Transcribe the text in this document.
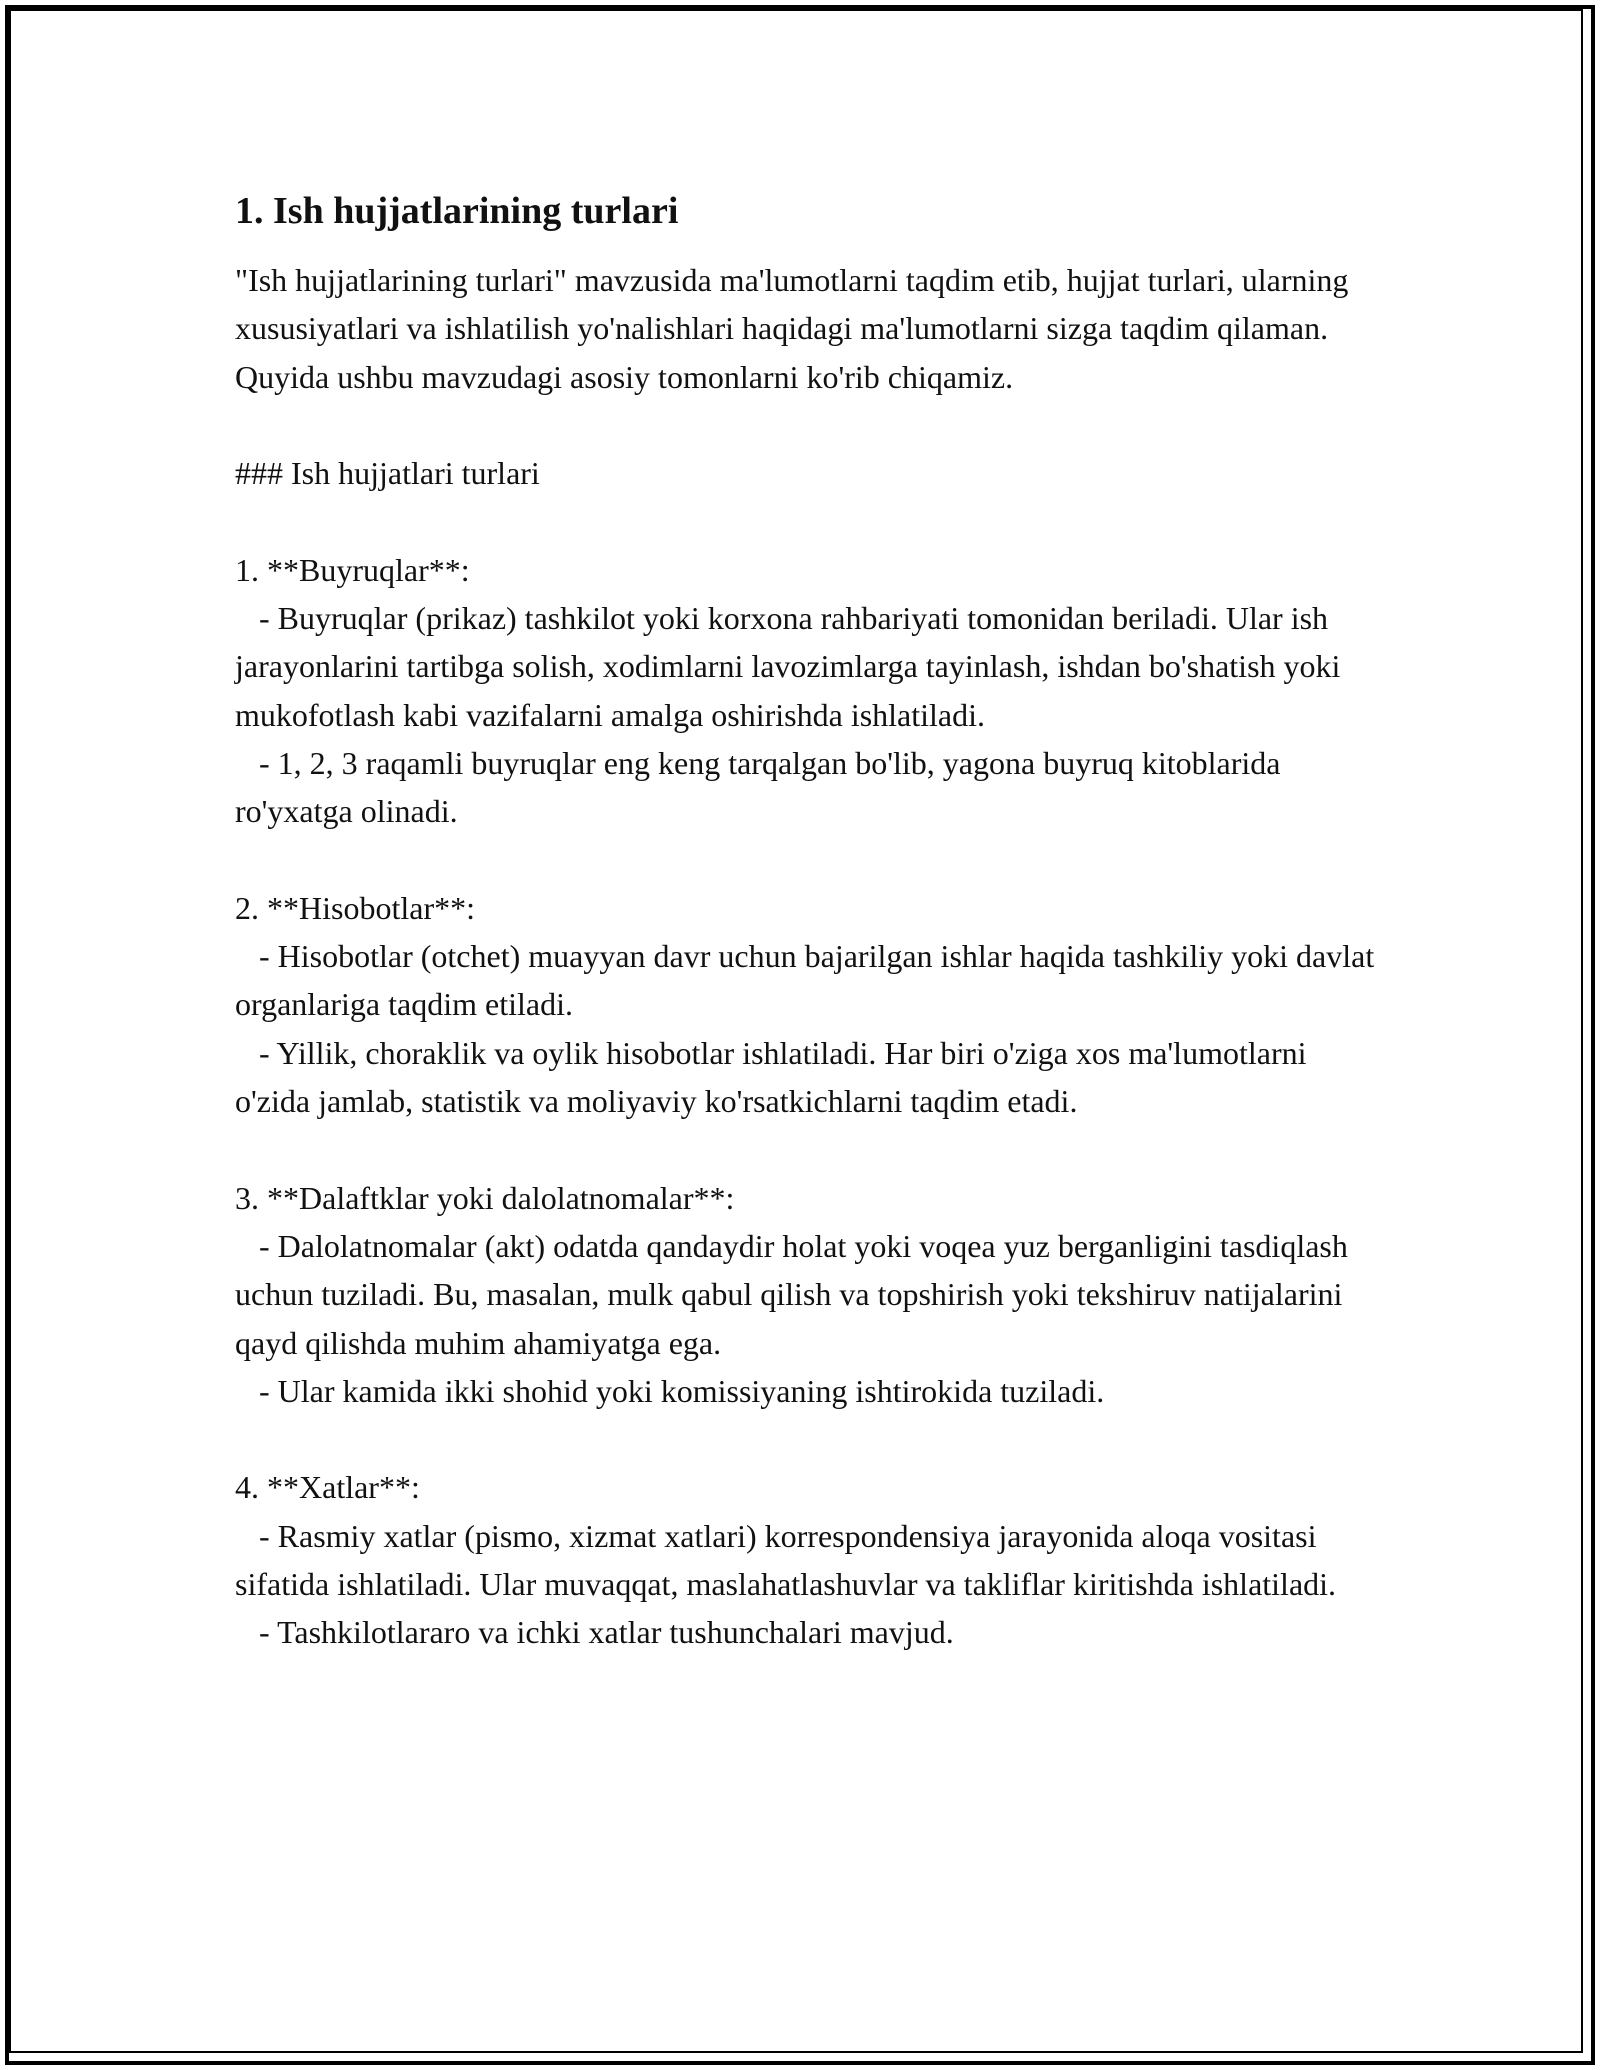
1. Ish hujjatlarining turlari

"Ish hujjatlarining turlari" mavzusida ma'lumotlarni taqdim etib, hujjat turlari, ularning xususiyatlari va ishlatilish yo'nalishlari haqidagi ma'lumotlarni sizga taqdim qilaman. Quyida ushbu mavzudagi asosiy tomonlarni ko'rib chiqamiz.

### Ish hujjatlari turlari

1. **Buyruqlar**:

- Buyruqlar (prikaz) tashkilot yoki korxona rahbariyati tomonidan beriladi. Ular ish jarayonlarini tartibga solish, xodimlarni lavozimlarga tayinlash, ishdan bo'shatish yoki mukofotlash kabi vazifalarni amalga oshirishda ishlatiladi.

- 1, 2, 3 raqamli buyruqlar eng keng tarqalgan bo'lib, yagona buyruq kitoblarida ro'yxatga olinadi.

2. **Hisobotlar**:

- Hisobotlar (otchet) muayyan davr uchun bajarilgan ishlar haqida tashkiliy yoki davlat organlariga taqdim etiladi.

- Yillik, choraklik va oylik hisobotlar ishlatiladi. Har biri o'ziga xos ma'lumotlarni o'zida jamlab, statistik va moliyaviy ko'rsatkichlarni taqdim etadi.

3. **Dalaftklar yoki dalolatnomalar**:

- Dalolatnomalar (akt) odatda qandaydir holat yoki voqea yuz berganligini tasdiqlash uchun tuziladi. Bu, masalan, mulk qabul qilish va topshirish yoki tekshiruv natijalarini qayd qilishda muhim ahamiyatga ega.

- Ular kamida ikki shohid yoki komissiyaning ishtirokida tuziladi.

4. **Xatlar**:

- Rasmiy xatlar (pismo, xizmat xatlari) korrespondensiya jarayonida aloqa vositasi sifatida ishlatiladi. Ular muvaqqat, maslahatlashuvlar va takliflar kiritishda ishlatiladi.

- Tashkilotlararo va ichki xatlar tushunchalari mavjud.
